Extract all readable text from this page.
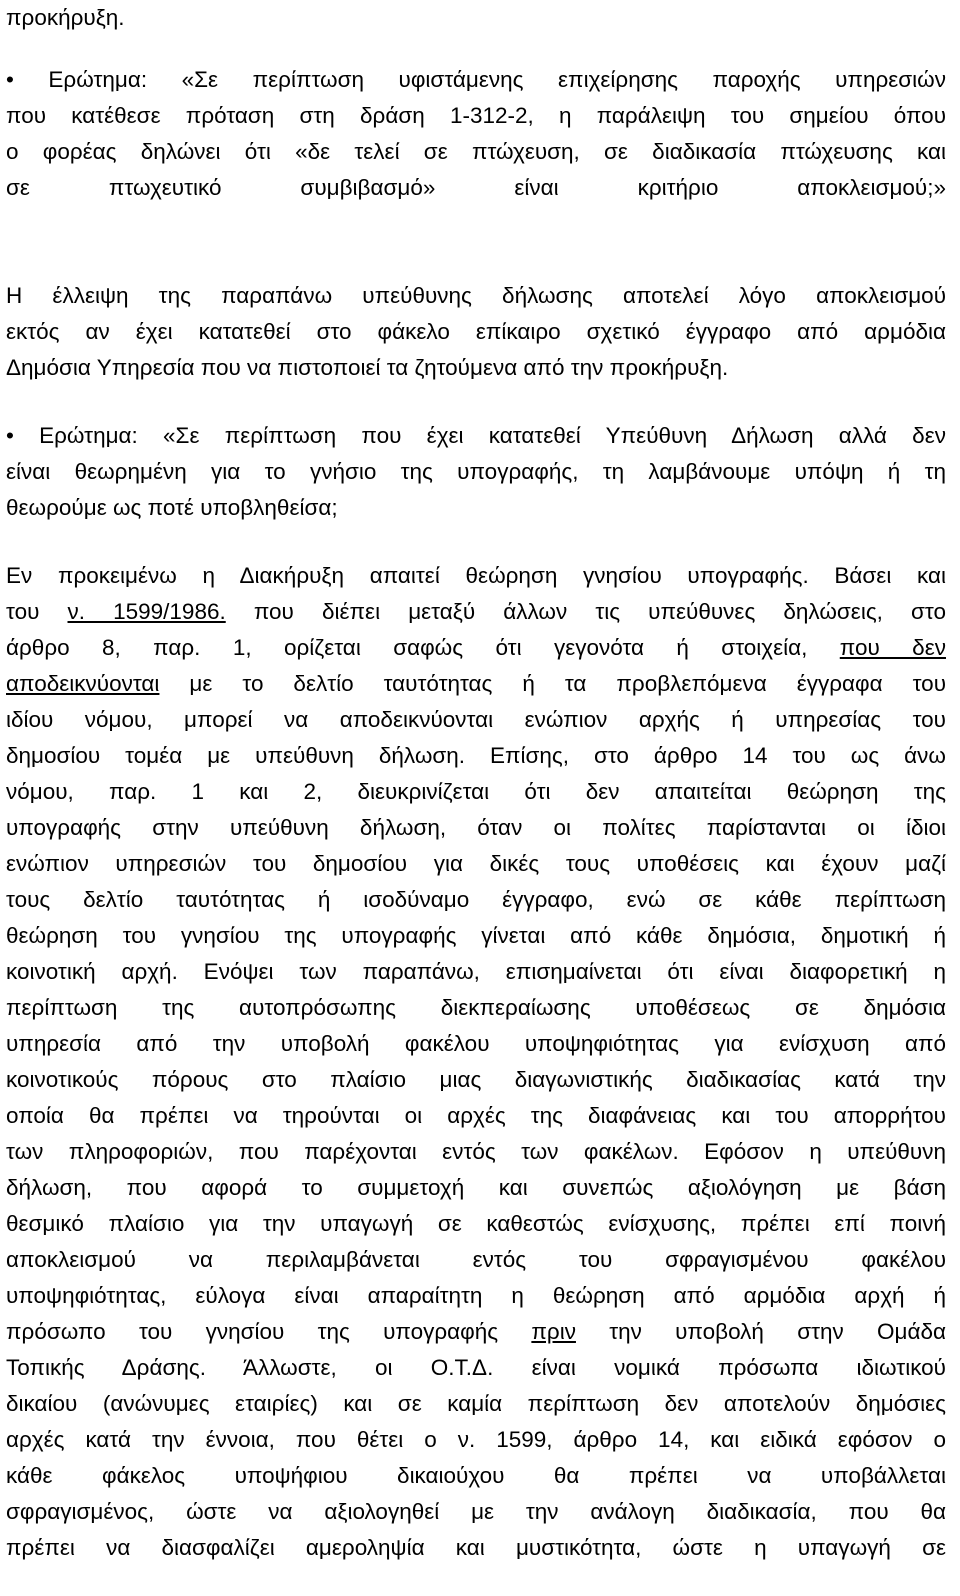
προκήρυξη.
• Ερώτημα: «Σε περίπτωση υφιστάμενης επιχείρησης παροχής υπηρεσιών
που κατέθεσε πρόταση στη δράση 1-312-2, η παράλειψη του σημείου όπου
ο φορέας δηλώνει ότι «δε τελεί σε πτώχευση, σε διαδικασία πτώχευσης και
σε πτωχευτικό συμβιβασμό» είναι κριτήριο αποκλεισμού;»
Η έλλειψη της παραπάνω υπεύθυνης δήλωσης αποτελεί λόγο αποκλεισμού
εκτός αν έχει κατατεθεί στο φάκελο επίκαιρο σχετικό έγγραφο από αρμόδια
Δημόσια Υπηρεσία που να πιστοποιεί τα ζητούμενα από την προκήρυξη.
• Ερώτημα: «Σε περίπτωση που έχει κατατεθεί Υπεύθυνη Δήλωση αλλά δεν
είναι θεωρημένη για το γνήσιο της υπογραφής, τη λαμβάνουμε υπόψη ή τη
θεωρούμε ως ποτέ υποβληθείσα;
Εν προκειμένω η Διακήρυξη απαιτεί θεώρηση γνησίου υπογραφής. Βάσει και
του ν. 1599/1986. που διέπει μεταξύ άλλων τις υπεύθυνες δηλώσεις, στο
άρθρο 8, παρ. 1, ορίζεται σαφώς ότι γεγονότα ή στοιχεία, που δεν
αποδεικνύονται με το δελτίο ταυτότητας ή τα προβλεπόμενα έγγραφα του
ιδίου νόμου, μπορεί να αποδεικνύονται ενώπιον αρχής ή υπηρεσίας του
δημοσίου τομέα με υπεύθυνη δήλωση. Επίσης, στο άρθρο 14 του ως άνω
νόμου, παρ. 1 και 2, διευκρινίζεται ότι δεν απαιτείται θεώρηση της
υπογραφής στην υπεύθυνη δήλωση, όταν οι πολίτες παρίστανται οι ίδιοι
ενώπιον υπηρεσιών του δημοσίου για δικές τους υποθέσεις και έχουν μαζί
τους δελτίο ταυτότητας ή ισοδύναμο έγγραφο, ενώ σε κάθε περίπτωση
θεώρηση του γνησίου της υπογραφής γίνεται από κάθε δημόσια, δημοτική ή
κοινοτική αρχή. Ενόψει των παραπάνω, επισημαίνεται ότι είναι διαφορετική η
περίπτωση της αυτοπρόσωπης διεκπεραίωσης υποθέσεως σε δημόσια
υπηρεσία από την υποβολή φακέλου υποψηφιότητας για ενίσχυση από
κοινοτικούς πόρους στο πλαίσιο μιας διαγωνιστικής διαδικασίας κατά την
οποία θα πρέπει να τηρούνται οι αρχές της διαφάνειας και του απορρήτου
των πληροφοριών, που παρέχονται εντός των φακέλων. Εφόσον η υπεύθυνη
δήλωση, που αφορά το συμμετοχή και συνεπώς αξιολόγηση με βάση
θεσμικό πλαίσιο για την υπαγωγή σε καθεστώς ενίσχυσης, πρέπει επί ποινή
αποκλεισμού να περιλαμβάνεται εντός του σφραγισμένου φακέλου
υποψηφιότητας, εύλογα είναι απαραίτητη η θεώρηση από αρμόδια αρχή ή
πρόσωπο του γνησίου της υπογραφής πριν την υποβολή στην Ομάδα
Τοπικής Δράσης. Άλλωστε, οι Ο.Τ.Δ. είναι νομικά πρόσωπα ιδιωτικού
δικαίου (ανώνυμες εταιρίες) και σε καμία περίπτωση δεν αποτελούν δημόσιες
αρχές κατά την έννοια, που θέτει ο ν. 1599, άρθρο 14, και ειδικά εφόσον ο
κάθε φάκελος υποψήφιου δικαιούχου θα πρέπει να υποβάλλεται
σφραγισμένος, ώστε να αξιολογηθεί με την ανάλογη διαδικασία, που θα
πρέπει να διασφαλίζει αμεροληψία και μυστικότητα, ώστε η υπαγωγή σε
